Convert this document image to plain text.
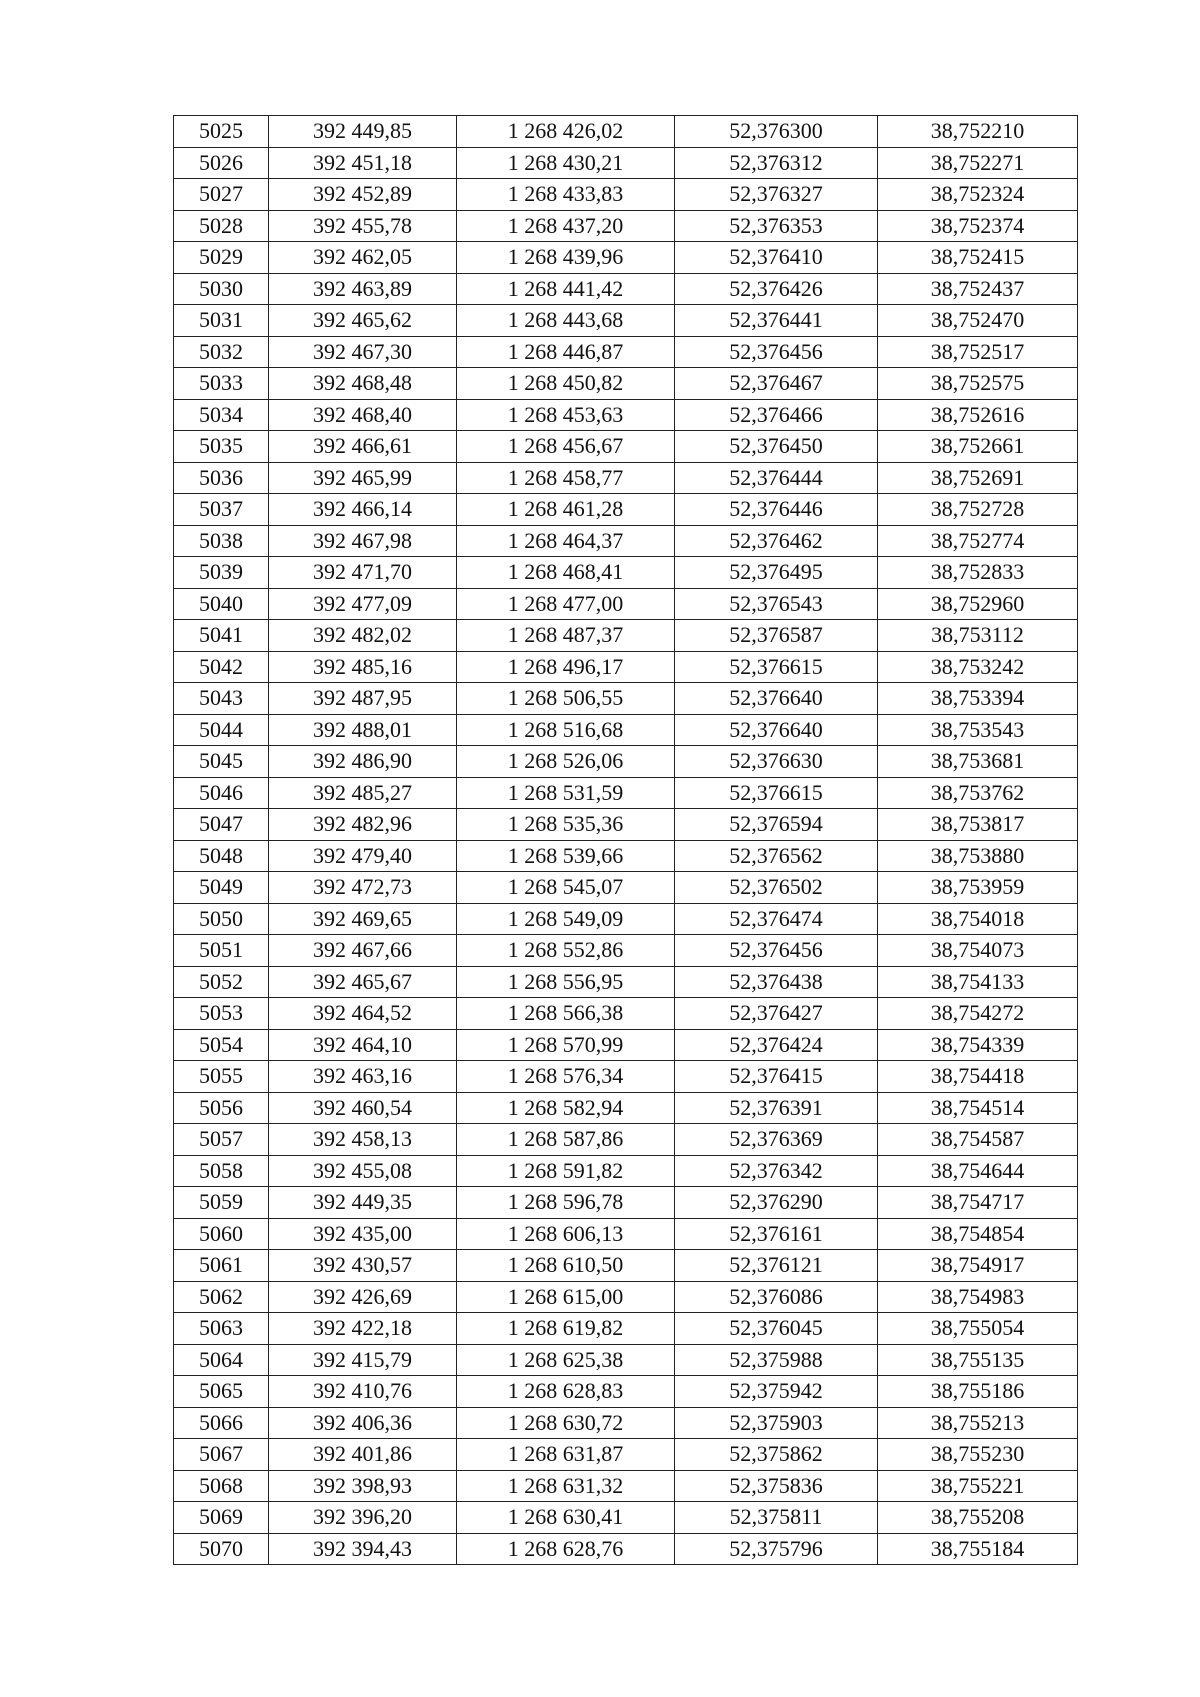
5025	392 449,85	1 268 426,02	52,376300	38,752210
5026	392 451,18	1 268 430,21	52,376312	38,752271
5027	392 452,89	1 268 433,83	52,376327	38,752324
5028	392 455,78	1 268 437,20	52,376353	38,752374
5029	392 462,05	1 268 439,96	52,376410	38,752415
5030	392 463,89	1 268 441,42	52,376426	38,752437
5031	392 465,62	1 268 443,68	52,376441	38,752470
5032	392 467,30	1 268 446,87	52,376456	38,752517
5033	392 468,48	1 268 450,82	52,376467	38,752575
5034	392 468,40	1 268 453,63	52,376466	38,752616
5035	392 466,61	1 268 456,67	52,376450	38,752661
5036	392 465,99	1 268 458,77	52,376444	38,752691
5037	392 466,14	1 268 461,28	52,376446	38,752728
5038	392 467,98	1 268 464,37	52,376462	38,752774
5039	392 471,70	1 268 468,41	52,376495	38,752833
5040	392 477,09	1 268 477,00	52,376543	38,752960
5041	392 482,02	1 268 487,37	52,376587	38,753112
5042	392 485,16	1 268 496,17	52,376615	38,753242
5043	392 487,95	1 268 506,55	52,376640	38,753394
5044	392 488,01	1 268 516,68	52,376640	38,753543
5045	392 486,90	1 268 526,06	52,376630	38,753681
5046	392 485,27	1 268 531,59	52,376615	38,753762
5047	392 482,96	1 268 535,36	52,376594	38,753817
5048	392 479,40	1 268 539,66	52,376562	38,753880
5049	392 472,73	1 268 545,07	52,376502	38,753959
5050	392 469,65	1 268 549,09	52,376474	38,754018
5051	392 467,66	1 268 552,86	52,376456	38,754073
5052	392 465,67	1 268 556,95	52,376438	38,754133
5053	392 464,52	1 268 566,38	52,376427	38,754272
5054	392 464,10	1 268 570,99	52,376424	38,754339
5055	392 463,16	1 268 576,34	52,376415	38,754418
5056	392 460,54	1 268 582,94	52,376391	38,754514
5057	392 458,13	1 268 587,86	52,376369	38,754587
5058	392 455,08	1 268 591,82	52,376342	38,754644
5059	392 449,35	1 268 596,78	52,376290	38,754717
5060	392 435,00	1 268 606,13	52,376161	38,754854
5061	392 430,57	1 268 610,50	52,376121	38,754917
5062	392 426,69	1 268 615,00	52,376086	38,754983
5063	392 422,18	1 268 619,82	52,376045	38,755054
5064	392 415,79	1 268 625,38	52,375988	38,755135
5065	392 410,76	1 268 628,83	52,375942	38,755186
5066	392 406,36	1 268 630,72	52,375903	38,755213
5067	392 401,86	1 268 631,87	52,375862	38,755230
5068	392 398,93	1 268 631,32	52,375836	38,755221
5069	392 396,20	1 268 630,41	52,375811	38,755208
5070	392 394,43	1 268 628,76	52,375796	38,755184
